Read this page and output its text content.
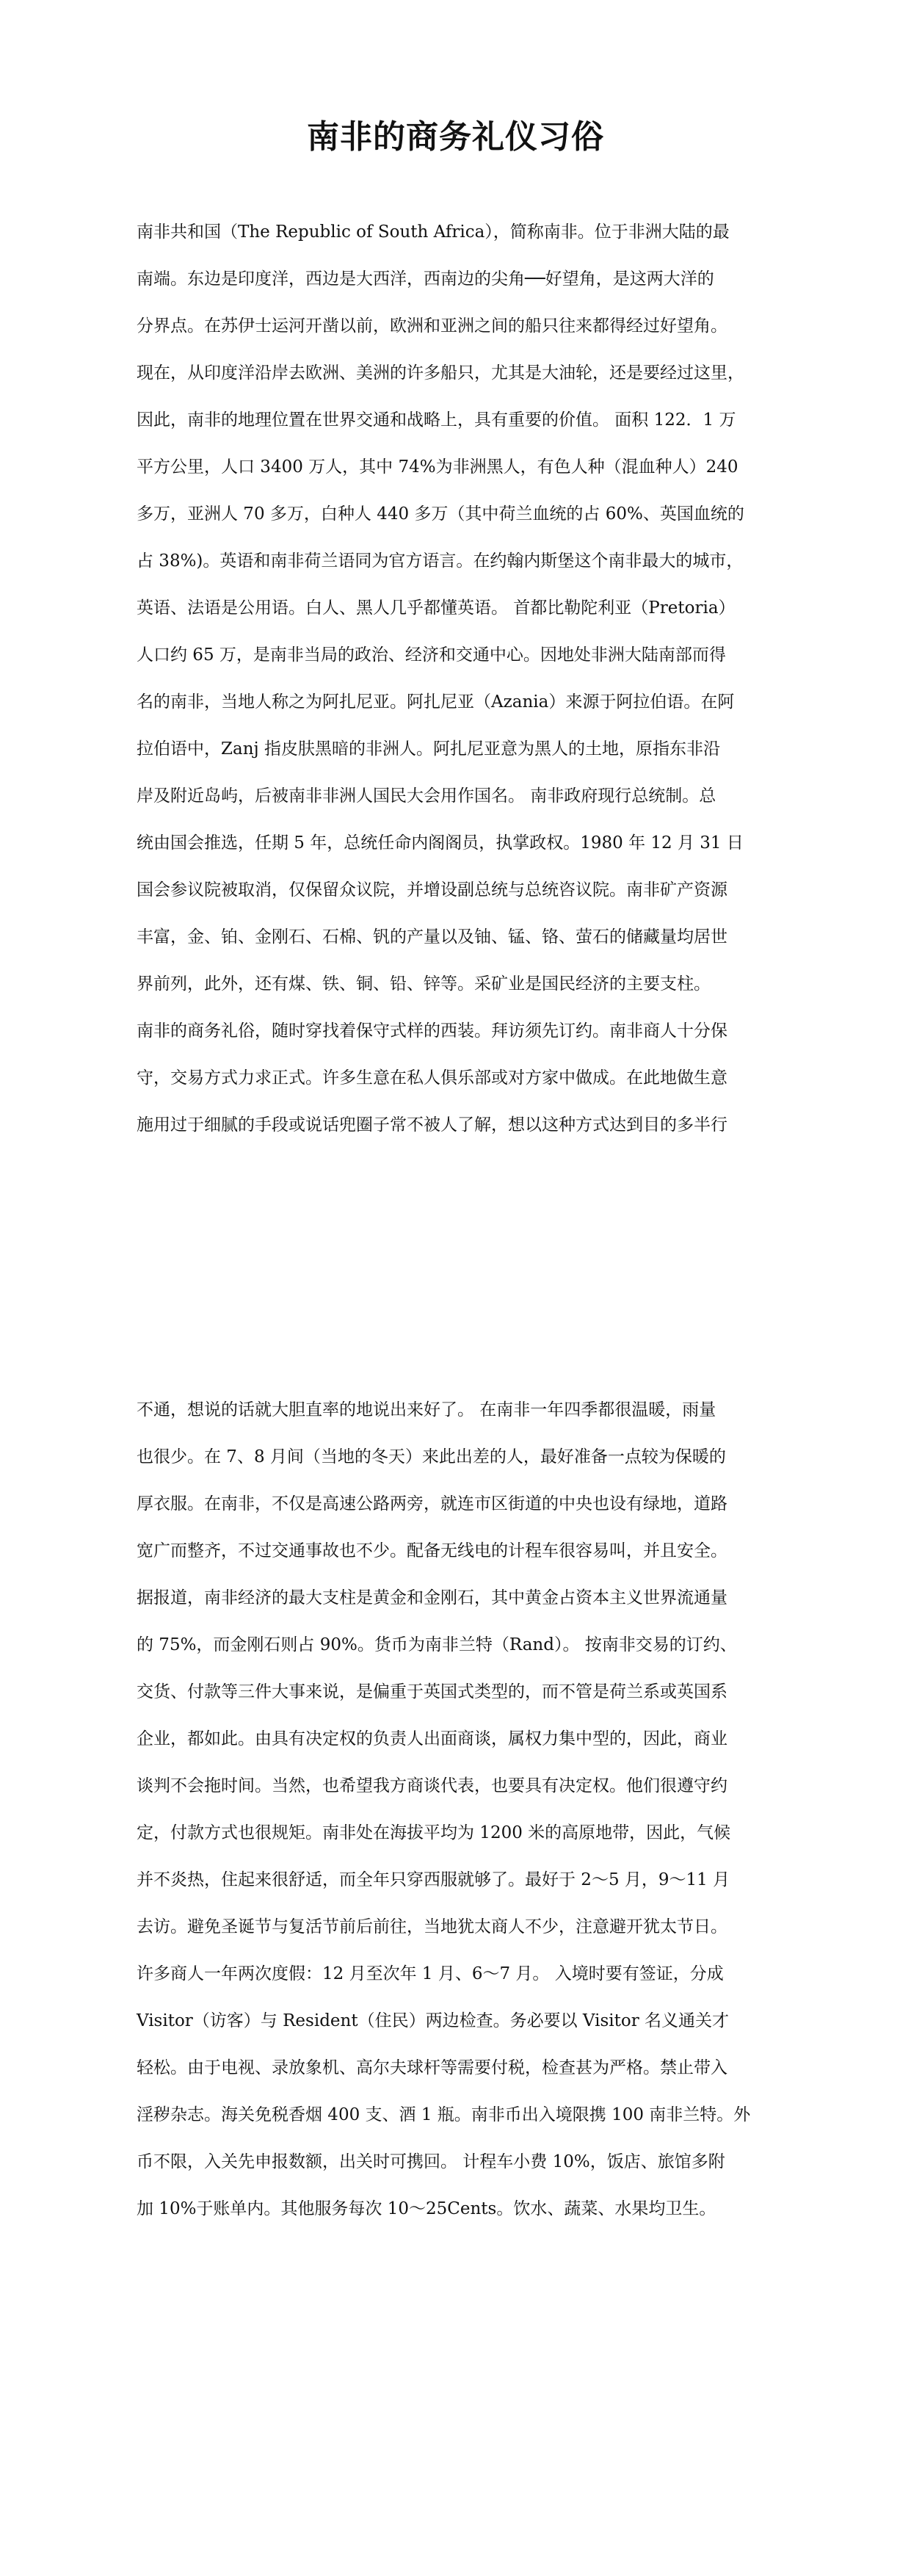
南非的商务礼仪习俗
南非共和国（The Republic of South Africa），简称南非。位于非洲大陆的最
南端。东边是印度洋，西边是大西洋，西南边的尖角──好望角，是这两大洋的
分界点。在苏伊士运河开凿以前，欧洲和亚洲之间的船只往来都得经过好望角。
现在，从印度洋沿岸去欧洲、美洲的许多船只，尤其是大油轮，还是要经过这里，
因此，南非的地理位置在世界交通和战略上，具有重要的价值。 面积 122．1 万
平方公里，人口 3400 万人，其中 74%为非洲黑人，有色人种（混血种人）240
多万，亚洲人 70 多万，白种人 440 多万（其中荷兰血统的占 60%、英国血统的
占 38%)。英语和南非荷兰语同为官方语言。在约翰内斯堡这个南非最大的城市，
英语、法语是公用语。白人、黑人几乎都懂英语。 首都比勒陀利亚（Pretoria）
人口约 65 万，是南非当局的政治、经济和交通中心。因地处非洲大陆南部而得
名的南非，当地人称之为阿扎尼亚。阿扎尼亚（Azania）来源于阿拉伯语。在阿
拉伯语中，Zanj 指皮肤黑暗的非洲人。阿扎尼亚意为黑人的土地，原指东非沿
岸及附近岛屿，后被南非非洲人国民大会用作国名。 南非政府现行总统制。总
统由国会推选，任期 5 年，总统任命内阁阁员，执掌政权。1980 年 12 月 31 日
国会参议院被取消，仅保留众议院，并增设副总统与总统咨议院。南非矿产资源
丰富，金、铂、金刚石、石棉、钒的产量以及铀、锰、铬、萤石的储藏量均居世
界前列，此外，还有煤、铁、铜、铅、锌等。采矿业是国民经济的主要支柱。
南非的商务礼俗，随时穿找着保守式样的西装。拜访须先订约。南非商人十分保
守，交易方式力求正式。许多生意在私人俱乐部或对方家中做成。在此地做生意
施用过于细腻的手段或说话兜圈子常不被人了解，想以这种方式达到目的多半行
不通，想说的话就大胆直率的地说出来好了。 在南非一年四季都很温暖，雨量
也很少。在 7、8 月间（当地的冬天）来此出差的人，最好准备一点较为保暖的
厚衣服。在南非，不仅是高速公路两旁，就连市区街道的中央也设有绿地，道路
宽广而整齐，不过交通事故也不少。配备无线电的计程车很容易叫，并且安全。
据报道，南非经济的最大支柱是黄金和金刚石，其中黄金占资本主义世界流通量
的 75%，而金刚石则占 90%。货币为南非兰特（Rand）。 按南非交易的订约、
交货、付款等三件大事来说，是偏重于英国式类型的，而不管是荷兰系或英国系
企业，都如此。由具有决定权的负责人出面商谈，属权力集中型的，因此，商业
谈判不会拖时间。当然，也希望我方商谈代表，也要具有决定权。他们很遵守约
定，付款方式也很规矩。南非处在海拔平均为 1200 米的高原地带，因此，气候
并不炎热，住起来很舒适，而全年只穿西服就够了。最好于 2～5 月，9～11 月
去访。避免圣诞节与复活节前后前往，当地犹太商人不少，注意避开犹太节日。
许多商人一年两次度假：12 月至次年 1 月、6～7 月。 入境时要有签证，分成
Visitor（访客）与 Resident（住民）两边检查。务必要以 Visitor 名义通关才
轻松。由于电视、录放象机、高尔夫球杆等需要付税，检查甚为严格。禁止带入
淫秽杂志。海关免税香烟 400 支、酒 1 瓶。南非币出入境限携 100 南非兰特。外
币不限，入关先申报数额，出关时可携回。 计程车小费 10%，饭店、旅馆多附
加 10%于账单内。其他服务每次 10～25Cents。饮水、蔬菜、水果均卫生。
